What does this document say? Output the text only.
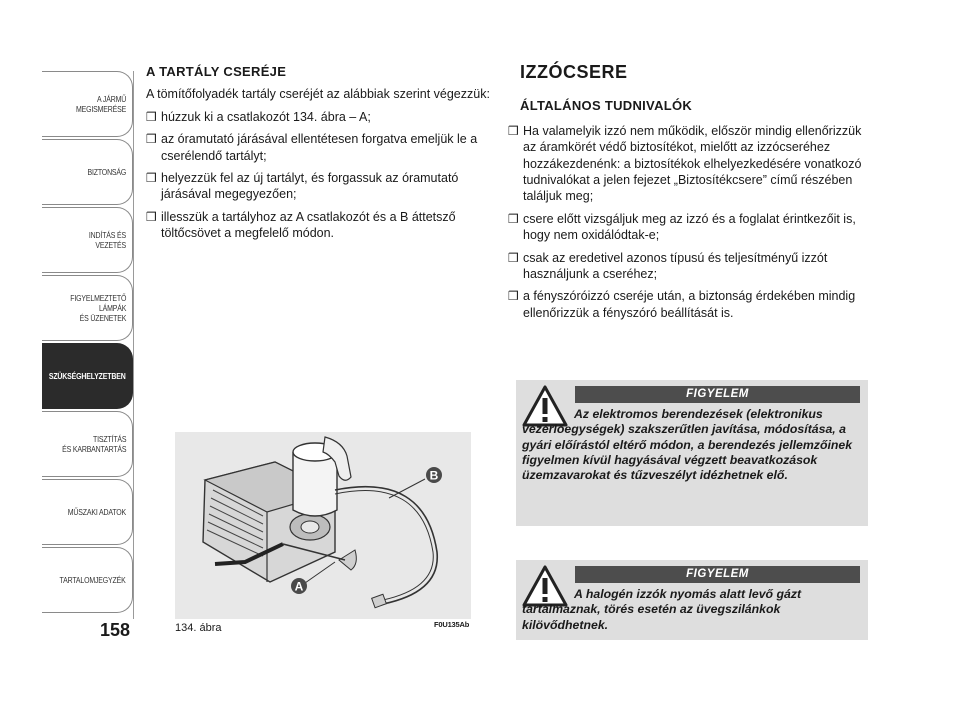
A JÁRMŰ
MEGISMERÉSE
BIZTONSÁG
INDÍTÁS ÉS VEZETÉS
FIGYELMEZTETŐ
LÁMPÁK
ÉS ÜZENETEK
SZÜKSÉGHELYZETBEN
TISZTÍTÁS
ÉS KARBANTARTÁS
MŰSZAKI ADATOK
TARTALOMJEGYZÉK
158
A TARTÁLY CSERÉJE

A tömítőfolyadék tartály cseréjét az alábbiak szerint végezzük:

❒ húzzuk ki a csatlakozót 134. ábra – A;
❒ az óramutató járásával ellentétesen forgatva emeljük le a cserélendő tartályt;
❒ helyezzük fel az új tartályt, és forgassuk az óramutató járásával megegyezően;
❒ illesszük a tartályhoz az A csatlakozót és a B áttetsző töltőcsövet a megfelelő módon.
B
A
134. ábra	F0U135Ab
IZZÓCSERE
ÁLTALÁNOS TUDNIVALÓK
❒ Ha valamelyik izzó nem működik, először mindig ellenőrizzük az áramkörét védő biztosítékot, mielőtt az izzócseréhez hozzákezdenénk: a biztosítékok elhelyezkedésére vonatkozó tudnivalókat a jelen fejezet „Biztosítékcsere” című részében találjuk meg;
❒ csere előtt vizsgáljuk meg az izzó és a foglalat érintkezőit is, hogy nem oxidálódtak-e;
❒ csak az eredetivel azonos típusú és teljesítményű izzót használjunk a cseréhez;
❒ a fényszóróizzó cseréje után, a biztonság érdekében mindig ellenőrizzük a fényszóró beállítását is.
FIGYELEM
Az elektromos berendezések (elektronikus vezérlőegységek) szakszerűtlen javítása, módosítása, a gyári előírástól eltérő módon, a berendezés jellemzőinek figyelmen kívül hagyásával végzett beavatkozások üzemzavarokat és tűzveszélyt idézhetnek elő.
FIGYELEM
A halogén izzók nyomás alatt levő gázt tartalmaznak, törés esetén az üvegszilánkok kilövődhetnek.
